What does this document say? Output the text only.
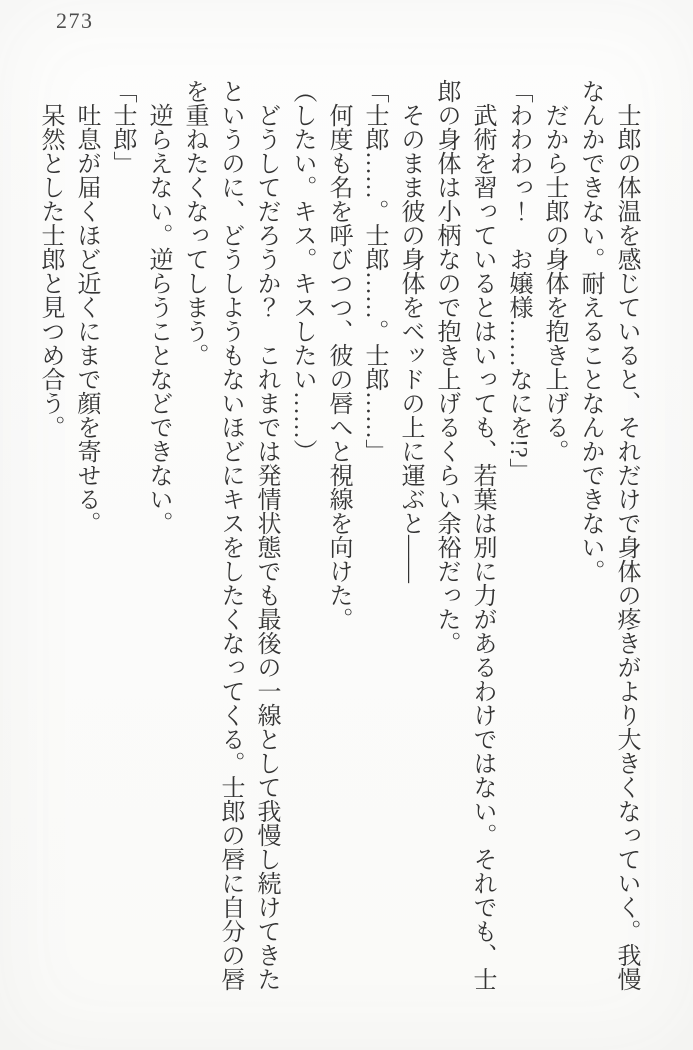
273
　士郎の体温を感じていると、それだけで身体の疼きがより大きくなっていく。我慢
なんかできない。耐えることなんかできない。
　だから士郎の身体を抱き上げる。
「わわわっ！　お嬢様……なにを!?」
　武術を習っているとはいっても、若葉は別に力があるわけではない。それでも、士
郎の身体は小柄なので抱き上げるくらい余裕だった。
　そのまま彼の身体をベッドの上に運ぶと――
「士郎……。士郎……。士郎……」
　何度も名を呼びつつ、彼の唇へと視線を向けた。
（したい。キス。キスしたい……）
　どうしてだろうか？　これまでは発情状態でも最後の一線として我慢し続けてきた
というのに、どうしようもないほどにキスをしたくなってくる。士郎の唇に自分の唇
を重ねたくなってしまう。
　逆らえない。逆らうことなどできない。
「士郎」
　吐息が届くほど近くにまで顔を寄せる。
　呆然とした士郎と見つめ合う。
